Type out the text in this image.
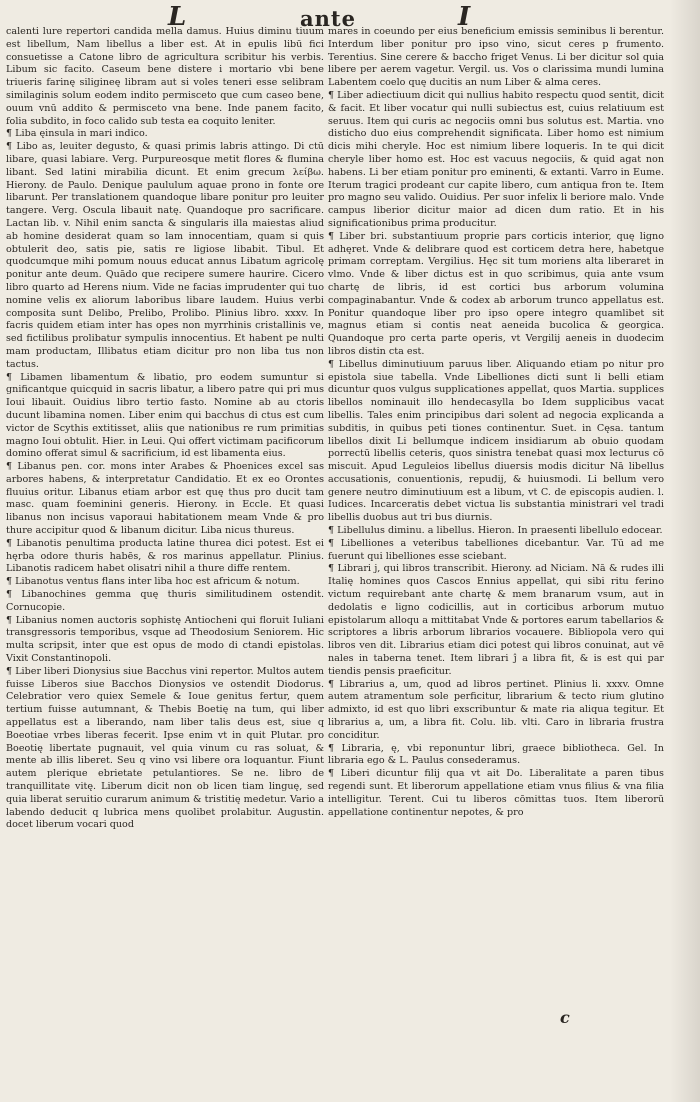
L	ante	I

calenti lure repertori candida mella damus. Huius diminu tiuum est libellum, Nam libellus a liber est. At in epulis libū fici consuetisse a Catone libro de agricultura scribitur his verbis. Libum sic facito. Caseum bene distere i mortario vbi bene triueris farinę siligineę libram aut si voles teneri esse selibram similaginis solum eodem indito permisceto que cum caseo bene, ouum vnū addito & permisceto vna bene. Inde panem facito, folia subdito, in foco calido sub testa ea coquito leniter.

¶ Liba ęinsula in mari indico.

¶ Libo as, leuiter degusto, & quasi primis labris attingo. Di ctū libare, quasi labiare. Verg. Purpureosque metit flores & flumina libant. Sed latini mirabilia dicunt. Et enim grecum λείβω. Hierony. de Paulo. Denique paululum aquae prono in fonte ore libarunt. Per translationem quandoque libare ponitur pro leuiter tangere. Verg. Oscula libauit natę. Quandoque pro sacrificare. Lactan lib. v. Nihil enim sancta & singularis illa maiestas aliud ab homine desiderat quam so lam innocentiam, quam si quis obtulerit deo, satis pie, satis re ligiose libabit. Tibul. Et quodcumque mihi pomum nouus educat annus Libatum agricolę ponitur ante deum. Quādo que recipere sumere haurire. Cicero libro quarto ad Herens nium. Vide ne facias imprudenter qui tuo nomine velis ex aliorum laboribus libare laudem. Huius verbi composita sunt Delibo, Prelibo, Prolibo. Plinius libro. xxxv. In facris quidem etiam inter has opes non myrrhinis cristallinis ve, sed fictilibus prolibatur sympulis innocentius. Et habent pe nulti mam productam, Illibatus etiam dicitur pro non liba tus non tactus.

¶ Libamen libamentum & libatio, pro eodem sumuntur si gnificantque quicquid in sacris libatur, a libero patre qui pri mus Ioui libauit. Ouidius libro tertio fasto. Nomine ab au ctoris ducunt libamina nomen. Liber enim qui bacchus di ctus est cum victor de Scythis extitisset, aliis que nationibus re rum primitias magno Ioui obtulit. Hier. in Leui. Qui offert victimam pacificorum domino offerat simul & sacrificium, id est libamenta eius.

¶ Libanus pen. cor. mons inter Arabes & Phoenices excel sas arbores habens, & interpretatur Candidatio. Et ex eo Orontes fluuius oritur. Libanus etiam arbor est quę thus pro ducit tam masc. quam foeminini generis. Hierony. in Eccle. Et quasi libanus non incisus vaporaui habitationem meam Vnde & pro thure accipitur quod & libanum dicitur. Liba nicus thureus.

¶ Libanotis penultima producta latine thurea dici potest. Est ei hęrba odore thuris habēs, & ros marinus appellatur. Plinius. Libanotis radicem habet olisatri nihil a thure diffe rentem.

¶ Libanotus ventus flans inter liba hoc est africum & notum.

¶ Libanochines gemma quę thuris similitudinem ostendit. Cornucopie.

¶ Libanius nomen auctoris sophistę Antiocheni qui floruit Iuliani transgressoris temporibus, vsque ad Theodosium Seniorem. Hic multa scripsit, inter que est opus de modo di ctandi epistolas. Vixit Constantinopoli.

¶ Liber liberi Dionysius siue Bacchus vini repertor. Multos autem fuisse Liberos siue Bacchos Dionysios ve ostendit Diodorus. Celebratior vero quiex Semele & Ioue genitus fertur, quem tertium fuisse autumnant, & Thebis Boetię na tum, qui liber appellatus est a liberando, nam liber talis deus est, siue q Boeotiae vrbes liberas fecerit. Ipse enim vt in quit Plutar. pro Boeotię libertate pugnauit, vel quia vinum cu ras soluat, & mente ab illis liberet. Seu q vino vsi libere ora loquantur. Fiunt autem plerique ebrietate petulantiores. Se ne. libro de tranquillitate vitę. Liberum dicit non ob licen tiam linguę, sed quia liberat seruitio curarum animum & tristitię medetur. Vario a labendo deducit q lubrica mens quolibet prolabitur. Augustin. docet liberum vocari quod

mares in coeundo per eius beneficium emissis seminibus li berentur. Interdum liber ponitur pro ipso vino, sicut ceres p frumento. Terentius. Sine cerere & baccho friget Venus. Li ber dicitur sol quia libere per aerem vagetur. Vergil. us. Vos o clarissima mundi lumina Labentem coelo quę ducitis an num Liber & alma ceres.

¶ Liber adiectiuum dicit qui nullius habito respectu quod sentit, dicit & facit. Et liber vocatur qui nulli subiectus est, cuius relatiuum est seruus. Item qui curis ac negociis omni bus solutus est. Martia. vno disticho duo eius comprehendit significata. Liber homo est nimium dicis mihi cheryle. Hoc est nimium libere loqueris. In te qui dicit cheryle liber homo est. Hoc est vacuus negociis, & quid agat non habens. Li ber etiam ponitur pro eminenti, & extanti. Varro in Eume. Iterum tragici prodeant cur capite libero, cum antiqua fron te. Item pro magno seu valido. Ouidius. Per suor infelix li beriore malo. Vnde campus liberior dicitur maior ad dicen dum ratio. Et in his significationibus prima producitur.

¶ Liber bri. substantiuum proprie pars corticis interior, quę ligno adhęret. Vnde & delibrare quod est corticem detra here, habetque primam correptam. Vergilius. Hęc sit tum moriens alta liberaret in vlmo. Vnde & liber dictus est in quo scribimus, quia ante vsum chartę de libris, id est cortici bus arborum volumina compaginabantur. Vnde & codex ab arborum trunco appellatus est. Ponitur quandoque liber pro ipso opere integro quamlibet sit magnus etiam si contis neat aeneida bucolica & georgica. Quandoque pro certa parte operis, vt Vergilij aeneis in duodecim libros distin cta est.

¶ Libellus diminutiuum paruus liber. Aliquando etiam po nitur pro epistola siue tabella. Vnde Libelliones dicti sunt li belli etiam dicuntur quos vulgus supplicationes appellat, quos Martia. supplices libellos nominauit illo hendecasylla bo Idem supplicibus vacat libellis. Tales enim principibus dari solent ad negocia explicanda a subditis, in quibus peti tiones continentur. Suet. in Cęsa. tantum libellos dixit Li bellumque indicem insidiarum ab obuio quodam porrectū libellis ceteris, quos sinistra tenebat quasi mox lecturus cō miscuit. Apud Leguleios libellus diuersis modis dicitur Nā libellus accusationis, conuentionis, repudij, & huiusmodi. Li bellum vero genere neutro diminutiuum est a libum, vt C. de episcopis audien. l. Iudices. Incarceratis debet victua lis substantia ministrari vel tradi libellis duobus aut tri bus diurnis.

¶ Libellulus diminu. a libellus. Hieron. In praesenti libellulo edocear.

¶ Libelliones a veteribus tabelliones dicebantur. Var. Tū ad me fuerunt qui libelliones esse sciebant.

¶ Librari j, qui libros transcribit. Hierony. ad Niciam. Nā & rudes illi Italię homines quos Cascos Ennius appellat, qui sibi ritu ferino victum requirebant ante chartę & mem branarum vsum, aut in dedolatis e ligno codicillis, aut in corticibus arborum mutuo epistolarum alloqu a mittitabat Vnde & portores earum tabellarios & scriptores a libris arborum librarios vocauere. Bibliopola vero qui libros ven dit. Librarius etiam dici potest qui libros conuinat, aut vē nales in taberna tenet. Item librari ĵ a libra fit, & is est qui par tiendis pensis praeficitur.

¶ Librarius a, um, quod ad libros pertinet. Plinius li. xxxv. Omne autem atramentum sole perficitur, librarium & tecto rium glutino admixto, id est quo libri exscribuntur & mate ria aliqua tegitur. Et librarius a, um, a libra fit. Colu. lib. vlti. Caro in libraria frustra conciditur.

¶ Libraria, ę, vbi reponuntur libri, graece bibliotheca. Gel. In libraria ego & L. Paulus consederamus.

¶ Liberi dicuntur filij qua vt ait Do. Liberalitate a paren tibus regendi sunt. Et liberorum appellatione etiam vnus filius & vna filia intelligitur. Terent. Cui tu liberos cōmittas tuos. Item liberorū appellatione continentur nepotes, & pro

c
